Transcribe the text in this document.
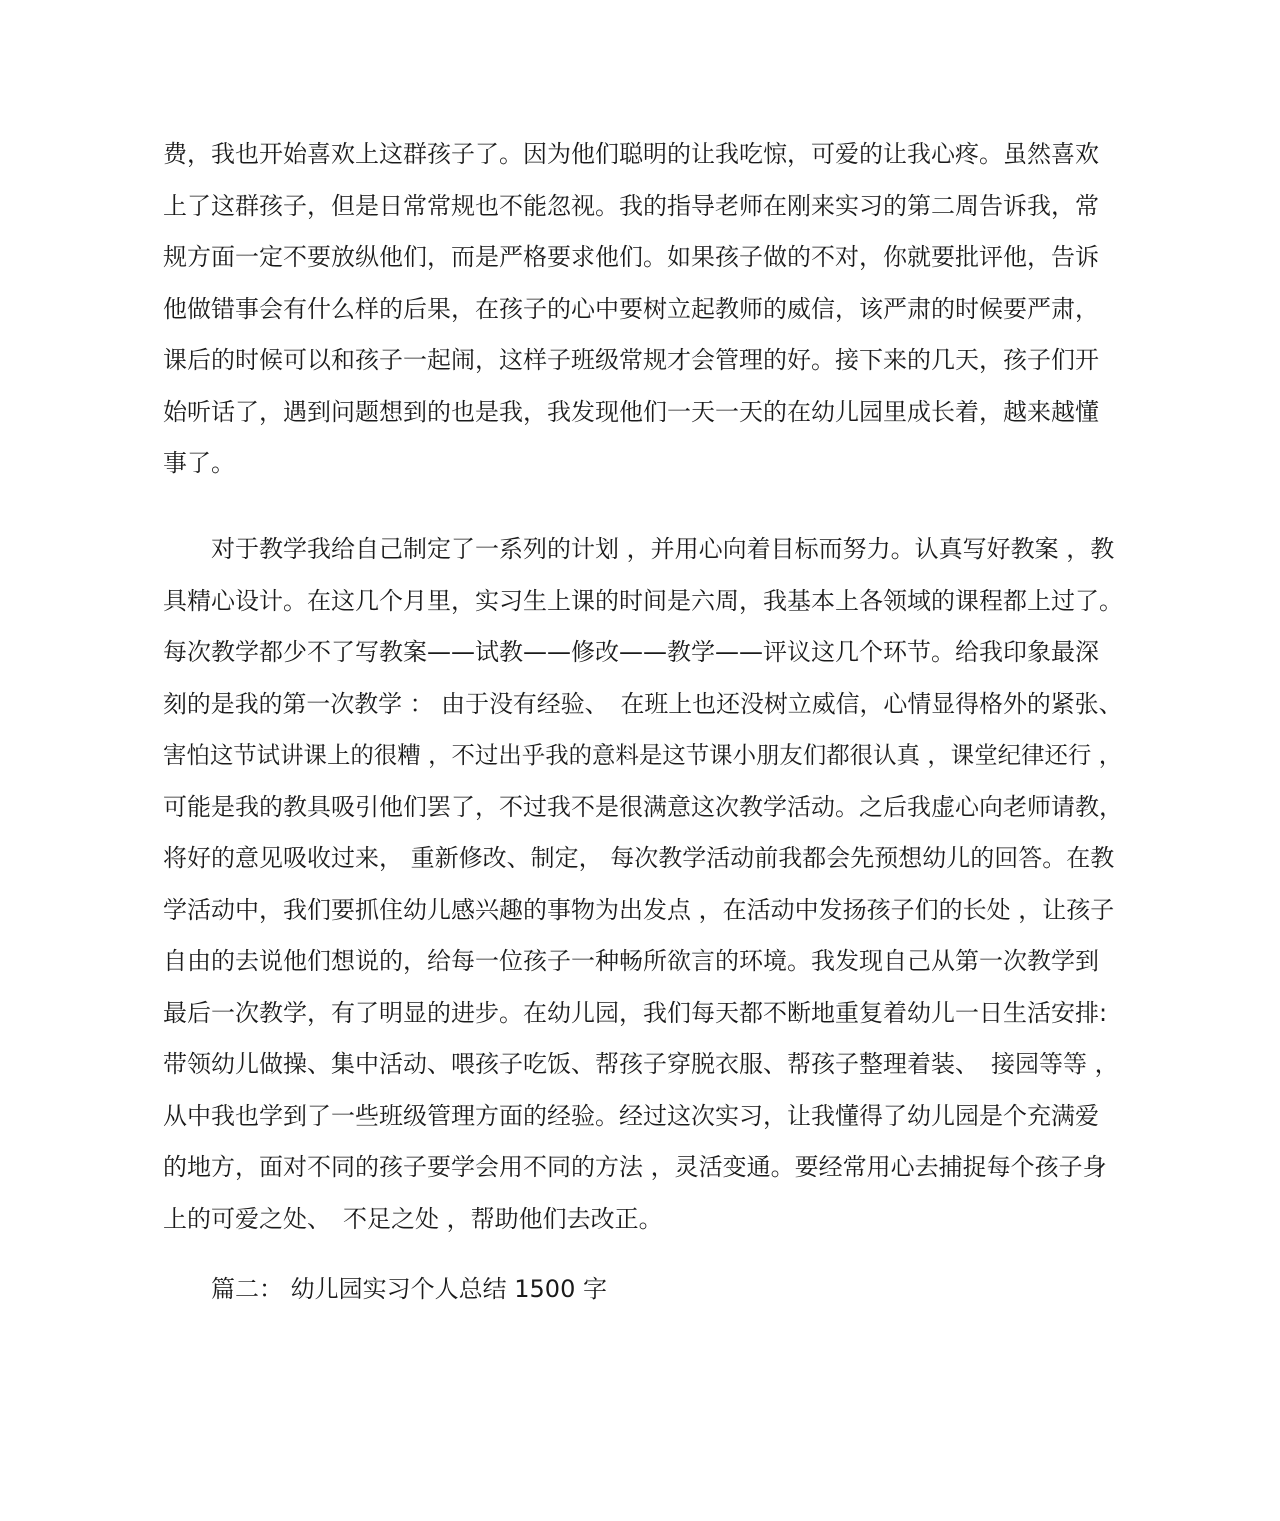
费，我也开始喜欢上这群孩子了。因为他们聪明的让我吃惊，可爱的让我心疼。虽然喜欢
上了这群孩子，但是日常常规也不能忽视。我的指导老师在刚来实习的第二周告诉我，常
规方面一定不要放纵他们，而是严格要求他们。如果孩子做的不对，你就要批评他，告诉
他做错事会有什么样的后果，在孩子的心中要树立起教师的威信，该严肃的时候要严肃，
课后的时候可以和孩子一起闹，这样子班级常规才会管理的好。接下来的几天，孩子们开
始听话了，遇到问题想到的也是我，我发现他们一天一天的在幼儿园里成长着，越来越懂
事了。
　　对于教学我给自己制定了一系列的计划 ，并用心向着目标而努力。认真写好教案 ，教
具精心设计。在这几个月里，实习生上课的时间是六周，我基本上各领域的课程都上过了。
每次教学都少不了写教案——试教——修改——教学——评议这几个环节。给我印象最深
刻的是我的第一次教学 ： 由于没有经验、　在班上也还没树立威信，心情显得格外的紧张、
害怕这节试讲课上的很糟 ，不过出乎我的意料是这节课小朋友们都很认真 ，课堂纪律还行 ，
可能是我的教具吸引他们罢了，不过我不是很满意这次教学活动。之后我虚心向老师请教，
将好的意见吸收过来， 重新修改、制定， 每次教学活动前我都会先预想幼儿的回答。在教
学活动中，我们要抓住幼儿感兴趣的事物为出发点 ，在活动中发扬孩子们的长处 ，让孩子
自由的去说他们想说的，给每一位孩子一种畅所欲言的环境。我发现自己从第一次教学到
最后一次教学，有了明显的进步。在幼儿园，我们每天都不断地重复着幼儿一日生活安排:
带领幼儿做操、集中活动、喂孩子吃饭、帮孩子穿脱衣服、帮孩子整理着装、　接园等等 ，
从中我也学到了一些班级管理方面的经验。经过这次实习，让我懂得了幼儿园是个充满爱
的地方，面对不同的孩子要学会用不同的方法 ，灵活变通。要经常用心去捕捉每个孩子身
上的可爱之处、　不足之处 ，帮助他们去改正。
　　篇二： 幼儿园实习个人总结 1500 字
